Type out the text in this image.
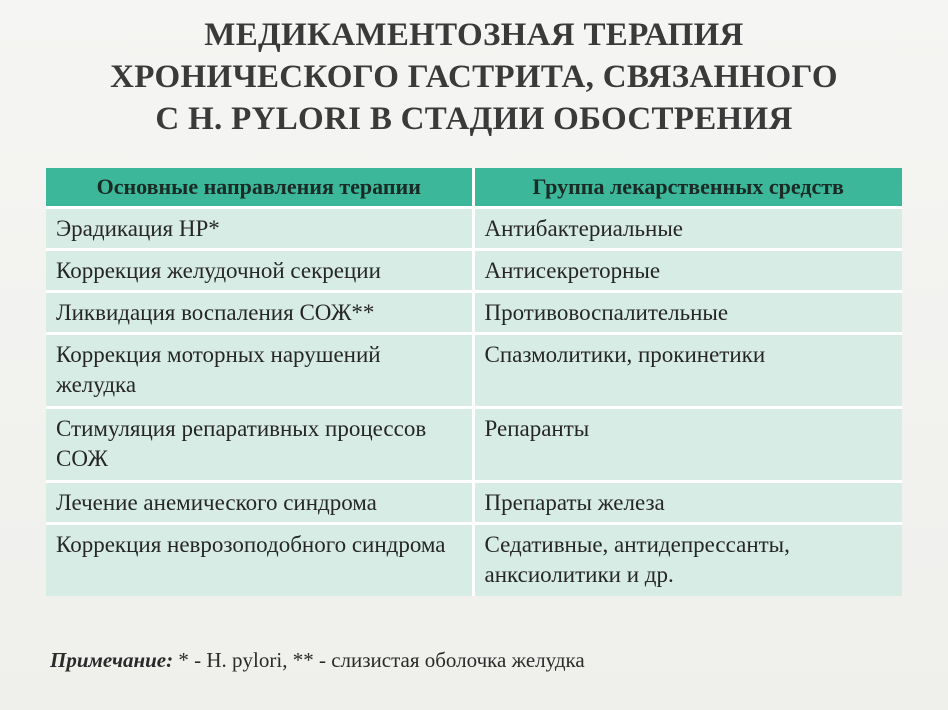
МЕДИКАМЕНТОЗНАЯ ТЕРАПИЯ
ХРОНИЧЕСКОГО ГАСТРИТА, СВЯЗАННОГО
С H. PYLORI В СТАДИИ ОБОСТРЕНИЯ
Основные направления терапии	Группа лекарственных средств
Эрадикация НР*	Антибактериальные
Коррекция желудочной секреции	Антисекреторные
Ликвидация воспаления СОЖ**	Противовоспалительные
Коррекция моторных нарушений желудка	Спазмолитики, прокинетики
Стимуляция репаративных процессов СОЖ	Репаранты
Лечение анемического синдрома	Препараты железа
Коррекция неврозоподобного синдрома	Седативные, антидепрессанты, анксиолитики и др.
Примечание: * - H. pylori, ** - слизистая оболочка желудка
